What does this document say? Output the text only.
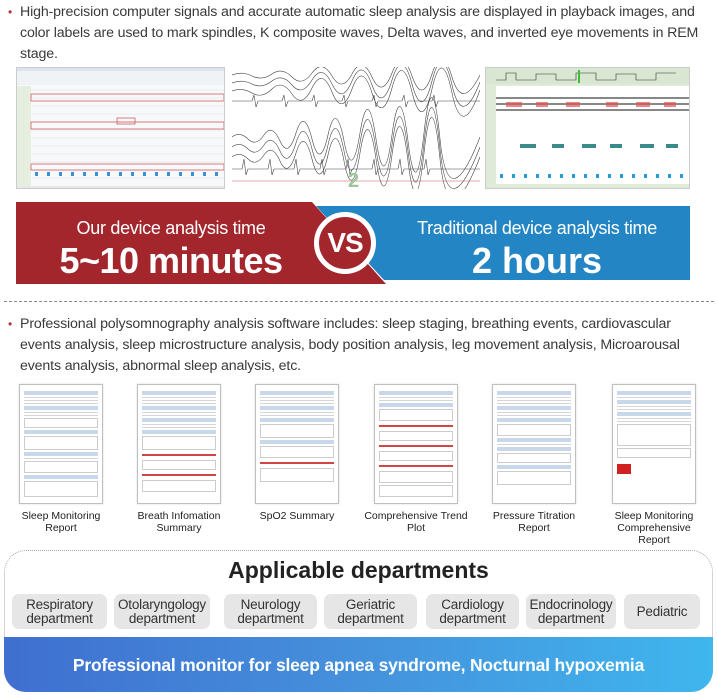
• High-precision computer signals and accurate automatic sleep analysis are displayed in playback images, and color labels are used to mark spindles, K composite waves, Delta waves, and inverted eye movements in REM stage.
2
Our device analysis time
5~10 minutes
Traditional device analysis time
2 hours
VS
• Professional polysomnography analysis software includes: sleep staging, breathing events, cardiovascular events analysis, sleep microstructure analysis, body position analysis, leg movement analysis, Microarousal events analysis, abnormal sleep analysis, etc.
Sleep Monitoring Report
Breath Infomation Summary
SpO2 Summary	Comprehensive Trend Plot
Pressure Titration Report
Sleep Monitoring Comprehensive Report
Applicable departments
Respiratory department
Otolaryngology department
Neurology department
Geriatric department
Cardiology department
Endocrinology department	Pediatric
Professional monitor for sleep apnea syndrome, Nocturnal hypoxemia
